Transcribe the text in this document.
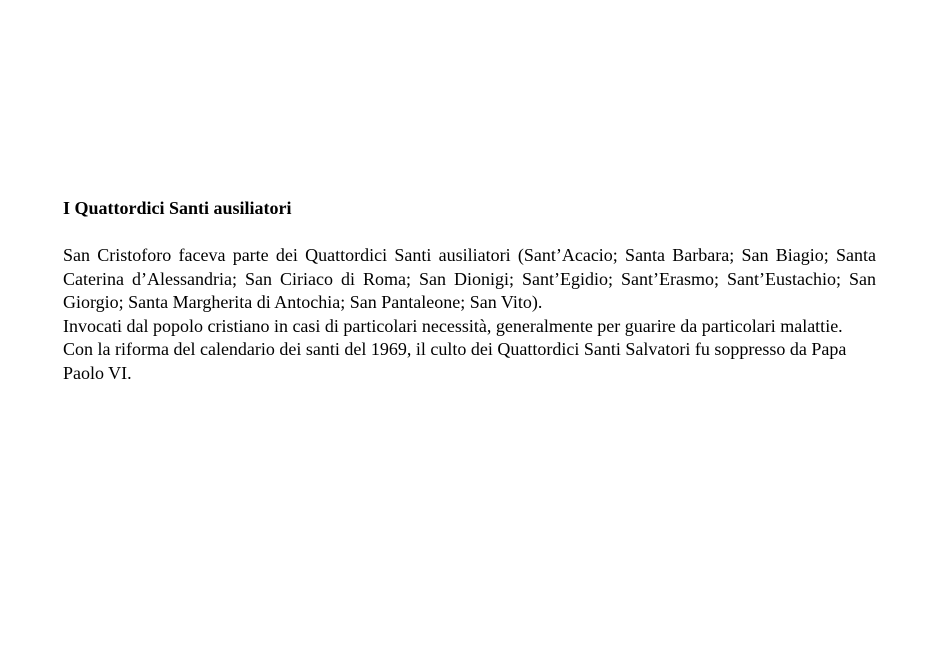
I Quattordici Santi ausiliatori

San Cristoforo faceva parte dei Quattordici Santi ausiliatori (Sant’Acacio; Santa Barbara; San Biagio; Santa Caterina d’Alessandria; San Ciriaco di Roma; San Dionigi; Sant’Egidio; Sant’Erasmo; Sant’Eustachio; San Giorgio; Santa Margherita di Antochia; San Pantaleone; San Vito).

Invocati dal popolo cristiano in casi di particolari necessità, generalmente per guarire da particolari malattie.

Con la riforma del calendario dei santi del 1969, il culto dei Quattordici Santi Salvatori fu soppresso da Papa Paolo VI.
